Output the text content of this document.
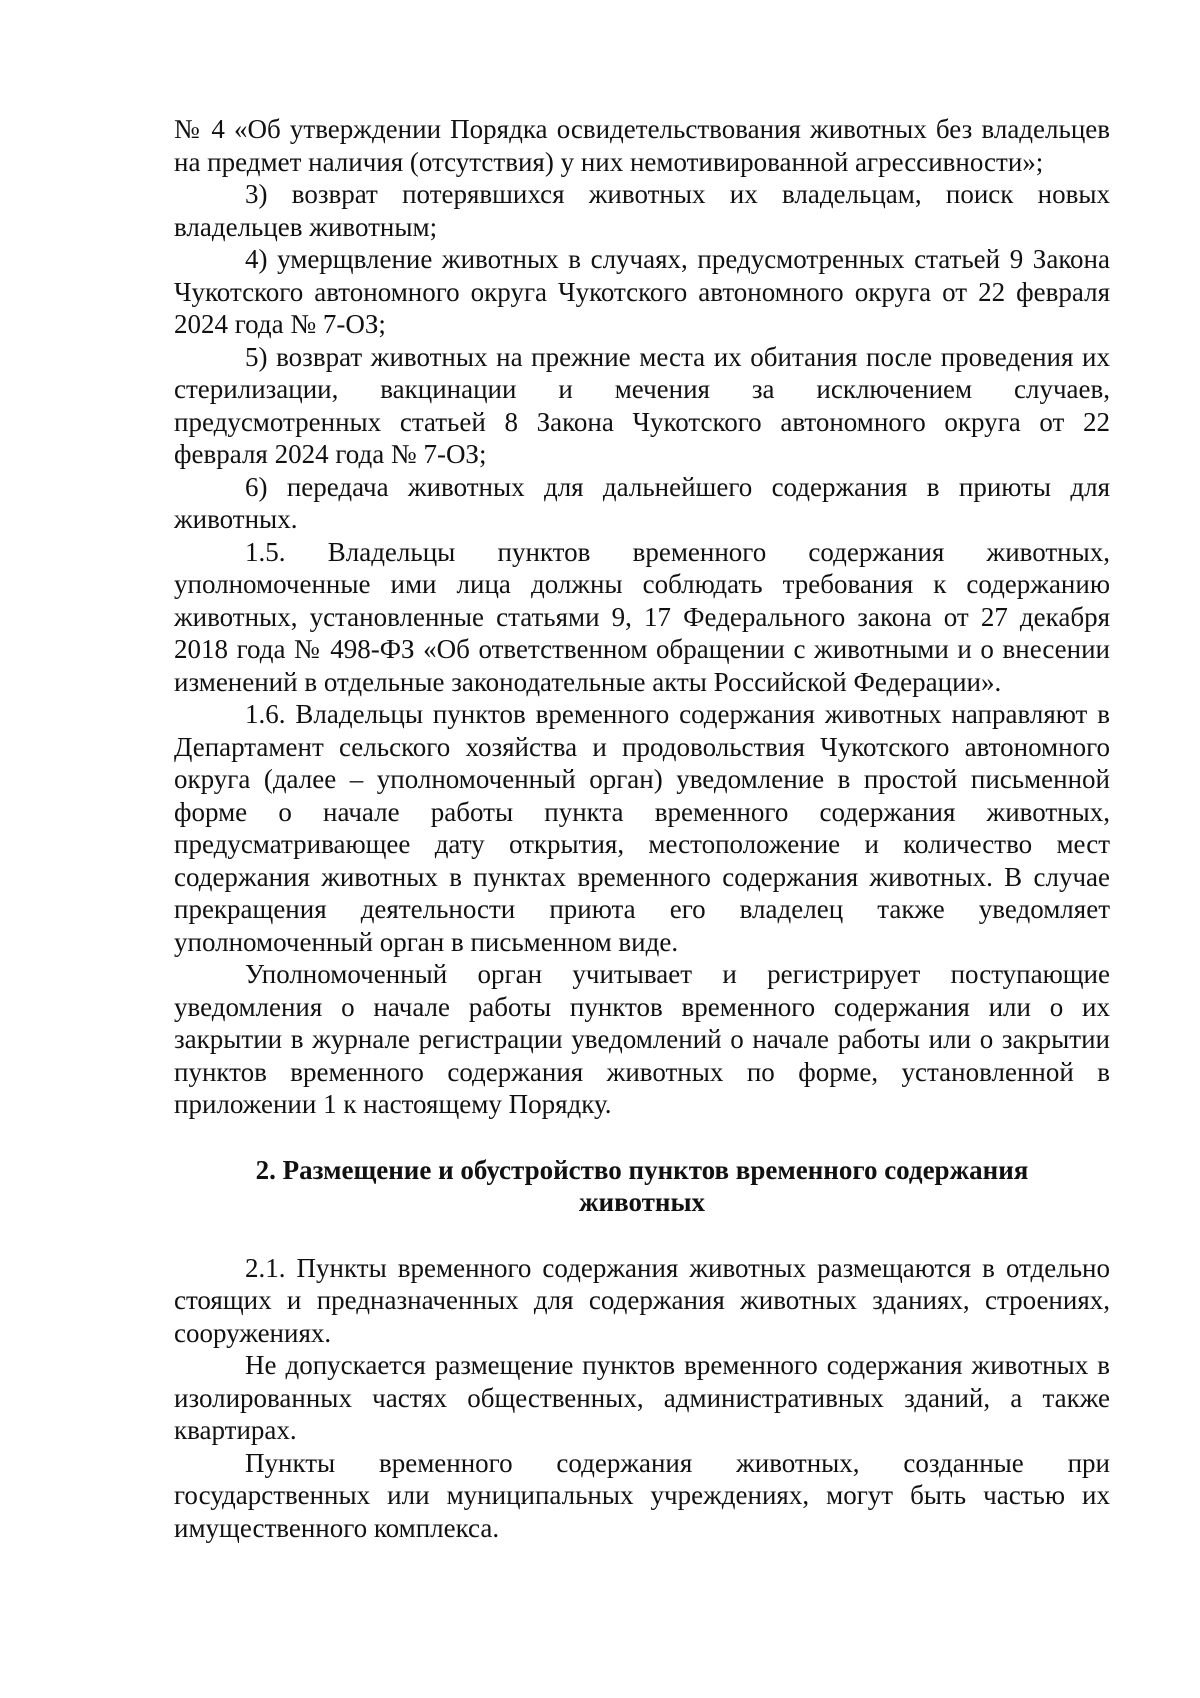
№ 4 «Об утверждении Порядка освидетельствования животных без владельцев на предмет наличия (отсутствия) у них немотивированной агрессивности»;

3) возврат потерявшихся животных их владельцам, поиск новых владельцев животным;

4) умерщвление животных в случаях, предусмотренных статьей 9 Закона Чукотского автономного округа Чукотского автономного округа от 22 февраля 2024 года № 7-ОЗ;

5) возврат животных на прежние места их обитания после проведения их стерилизации, вакцинации и мечения за исключением случаев, предусмотренных статьей 8 Закона Чукотского автономного округа от 22 февраля 2024 года № 7-ОЗ;

6) передача животных для дальнейшего содержания в приюты для животных.

1.5. Владельцы пунктов временного содержания животных, уполномоченные ими лица должны соблюдать требования к содержанию животных, установленные статьями 9, 17 Федерального закона от 27 декабря 2018 года № 498-ФЗ «Об ответственном обращении с животными и о внесении изменений в отдельные законодательные акты Российской Федерации».

1.6. Владельцы пунктов временного содержания животных направляют в Департамент сельского хозяйства и продовольствия Чукотского автономного округа (далее – уполномоченный орган) уведомление в простой письменной форме о начале работы пункта временного содержания животных, предусматривающее дату открытия, местоположение и количество мест содержания животных в пунктах временного содержания животных. В случае прекращения деятельности приюта его владелец также уведомляет уполномоченный орган в письменном виде.

Уполномоченный орган учитывает и регистрирует поступающие уведомления о начале работы пунктов временного содержания или о их закрытии в журнале регистрации уведомлений о начале работы или о закрытии пунктов временного содержания животных по форме, установленной в приложении 1 к настоящему Порядку.

2. Размещение и обустройство пунктов временного содержания животных

2.1. Пункты временного содержания животных размещаются в отдельно стоящих и предназначенных для содержания животных зданиях, строениях, сооружениях.

Не допускается размещение пунктов временного содержания животных в изолированных частях общественных, административных зданий, а также квартирах.

Пункты временного содержания животных, созданные при государственных или муниципальных учреждениях, могут быть частью их имущественного комплекса.
